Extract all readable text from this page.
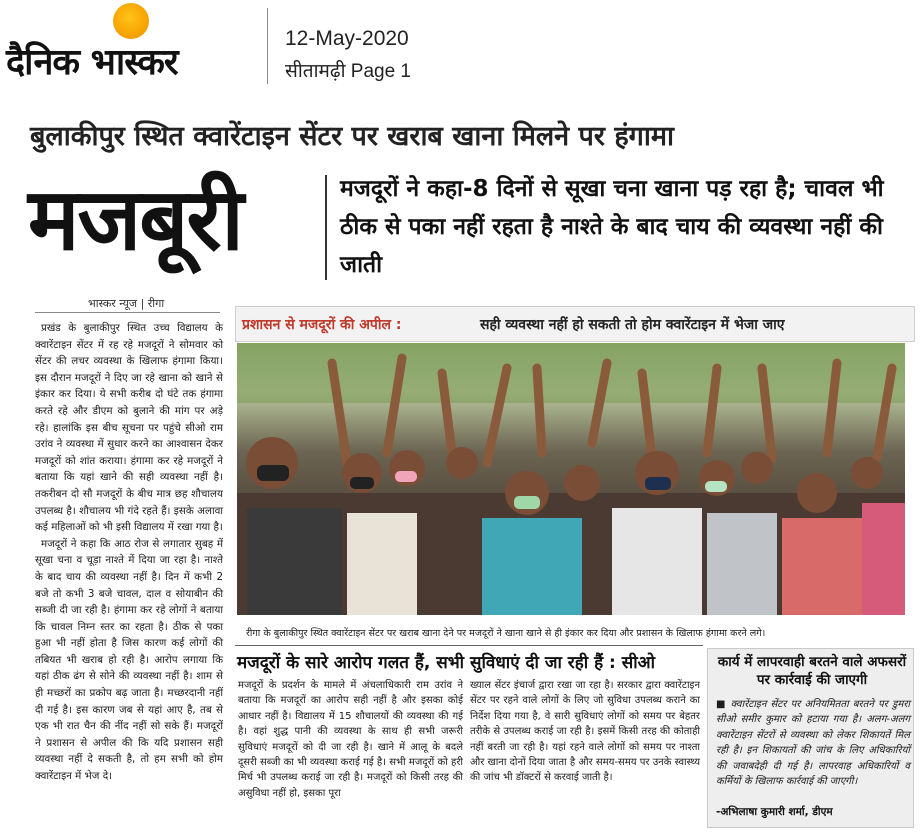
दैनिक भास्कर
12-May-2020
सीतामढ़ी Page 1
बुलाकीपुर स्थित क्वारेंटाइन सेंटर पर खराब खाना मिलने पर हंगामा
मजबूरी	मजदूरों ने कहा-8 दिनों से सूखा चना खाना पड़ रहा है; चावल भी ठीक से पका नहीं रहता है नाश्ते के बाद चाय की व्यवस्था नहीं की जाती
भास्कर न्यूज | रीगा

प्रखंड के बुलाकीपुर स्थित उच्च विद्यालय के क्वारेंटाइन सेंटर में रह रहे मजदूरों ने सोमवार को सेंटर की लचर व्यवस्था के खिलाफ हंगामा किया। इस दौरान मजदूरों ने दिए जा रहे खाना को खाने से इंकार कर दिया। ये सभी करीब दो घंटे तक हंगामा करते रहे और डीएम को बुलाने की मांग पर अड़े रहे। हालांकि इस बीच सूचना पर पहुंचे सीओ राम उरांव ने व्यवस्था में सुधार करने का आश्वासन देकर मजदूरों को शांत कराया। हंगामा कर रहे मजदूरों ने बताया कि यहां खाने की सही व्यवस्था नहीं है। तकरीबन दो सौ मजदूरों के बीच मात्र छह शौचालय उपलब्ध है। शौचालय भी गंदे रहते हैं। इसके अलावा कई महिलाओं को भी इसी विद्यालय में रखा गया है।

मजदूरों ने कहा कि आठ रोज से लगातार सुबह में सूखा चना व चूड़ा नाश्ते में दिया जा रहा है। नाश्ते के बाद चाय की व्यवस्था नहीं है। दिन में कभी 2 बजे तो कभी 3 बजे चावल, दाल व सोयाबीन की सब्जी दी जा रही है। हंगामा कर रहे लोगों ने बताया कि चावल निम्न स्तर का रहता है। ठीक से पका हुआ भी नहीं होता है जिस कारण कई लोगों की तबियत भी खराब हो रही है। आरोप लगाया कि यहां ठीक ढंग से सोने की व्यवस्था नहीं है। शाम से ही मच्छरों का प्रकोप बढ़ जाता है। मच्छरदानी नहीं दी गई है। इस कारण जब से यहां आए है, तब से एक भी रात चैन की नींद नहीं सो सके हैं। मजदूरों ने प्रशासन से अपील की कि यदि प्रशासन सही व्यवस्था नहीं दे सकती है, तो हम सभी को होम क्वारेंटाइन में भेज दे।

प्रशासन से मजदूरों की अपील :	सही व्यवस्था नहीं हो सकती तो होम क्वारेंटाइन में भेजा जाए
रीगा के बुलाकीपुर स्थित क्वारेंटाइन सेंटर पर खराब खाना देने पर मजदूरों ने खाना खाने से ही इंकार कर दिया और प्रशासन के खिलाफ हंगामा करने लगे।
मजदूरों के सारे आरोप गलत हैं, सभी सुविधाएं दी जा रही हैं : सीओ
मजदूरों के प्रदर्शन के मामले में अंचलाधिकारी राम उरांव ने बताया कि मजदूरों का आरोप सही नहीं है और इसका कोई आधार नहीं है। विद्यालय में 15 शौचालयों की व्यवस्था की गई है। वहां शुद्ध पानी की व्यवस्था के साथ ही सभी जरूरी सुविधाएं मजदूरों को दी जा रही है। खाने में आलू के बदले दूसरी सब्जी का भी व्यवस्था कराई गई है। सभी मजदूरों को हरी मिर्च भी उपलब्ध कराई जा रही है। मजदूरों को किसी तरह की असुविधा नहीं हो, इसका पूरा
ख्याल सेंटर इंचार्ज द्वारा रखा जा रहा है। सरकार द्वारा क्वारेंटाइन सेंटर पर रहने वाले लोगों के लिए जो सुविधा उपलब्ध कराने का निर्देश दिया गया है, वे सारी सुविधाएं लोगों को समय पर बेहतर तरीके से उपलब्ध कराई जा रही है। इसमें किसी तरह की कोताही नहीं बरती जा रही है। यहां रहने वाले लोगों को समय पर नाश्ता और खाना दोनों दिया जाता है और समय-समय पर उनके स्वास्थ्य की जांच भी डॉक्टरों से करवाई जाती है।
कार्य में लापरवाही बरतने वाले अफसरों पर कार्रवाई की जाएगी
■ क्वारेंटाइन सेंटर पर अनियमितता बरतने पर डुमरा सीओ समीर कुमार को हटाया गया है। अलग-अलग क्वारेंटाइन सेंटरों से व्यवस्था को लेकर शिकायतें मिल रही है। इन शिकायतों की जांच के लिए अधिकारियों की जवाबदेही दी गई है। लापरवाह अधिकारियों व कर्मियों के खिलाफ कार्रवाई की जाएगी।
-अभिलाषा कुमारी शर्मा, डीएम
